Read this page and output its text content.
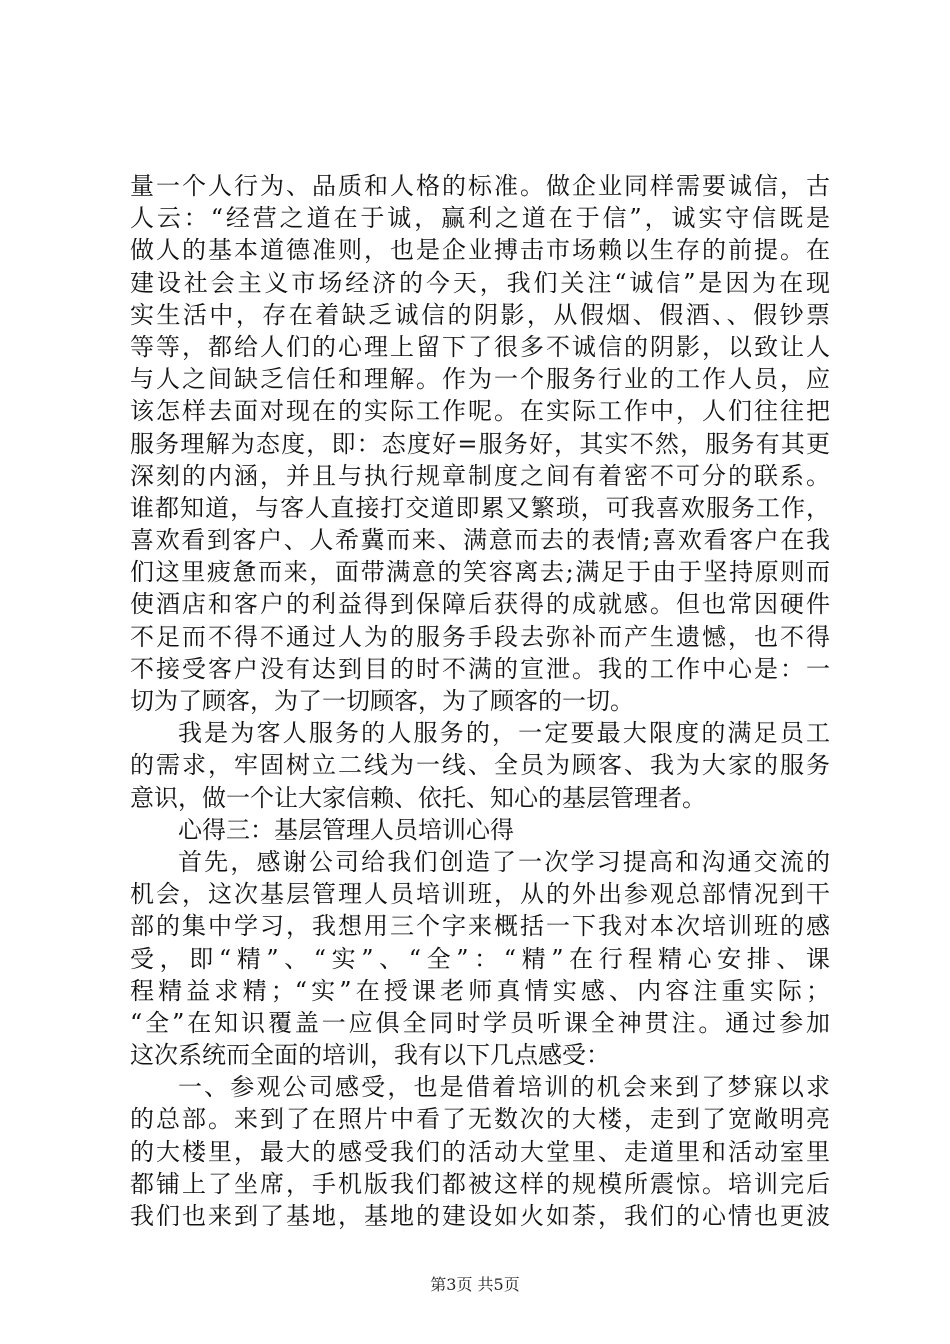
量一个人行为、品质和人格的标准。做企业同样需要诚信，古
人云：“经营之道在于诚，赢利之道在于信”，诚实守信既是
做人的基本道德准则，也是企业搏击市场赖以生存的前提。在
建设社会主义市场经济的今天，我们关注“诚信”是因为在现
实生活中，存在着缺乏诚信的阴影，从假烟、假酒、、假钞票
等等，都给人们的心理上留下了很多不诚信的阴影，以致让人
与人之间缺乏信任和理解。作为一个服务行业的工作人员，应
该怎样去面对现在的实际工作呢。在实际工作中，人们往往把
服务理解为态度，即：态度好=服务好，其实不然，服务有其更
深刻的内涵，并且与执行规章制度之间有着密不可分的联系。
谁都知道，与客人直接打交道即累又繁琐，可我喜欢服务工作，
喜欢看到客户、人希冀而来、满意而去的表情;喜欢看客户在我
们这里疲惫而来，面带满意的笑容离去;满足于由于坚持原则而
使酒店和客户的利益得到保障后获得的成就感。但也常因硬件
不足而不得不通过人为的服务手段去弥补而产生遗憾，也不得
不接受客户没有达到目的时不满的宣泄。我的工作中心是：一
切为了顾客，为了一切顾客，为了顾客的一切。
我是为客人服务的人服务的，一定要最大限度的满足员工
的需求，牢固树立二线为一线、全员为顾客、我为大家的服务
意识，做一个让大家信赖、依托、知心的基层管理者。
心得三：基层管理人员培训心得
首先，感谢公司给我们创造了一次学习提高和沟通交流的
机会，这次基层管理人员培训班，从的外出参观总部情况到干
部的集中学习，我想用三个字来概括一下我对本次培训班的感
受，即“精”、“实”、“全”：“精”在行程精心安排、课
程精益求精；“实”在授课老师真情实感、内容注重实际；
“全”在知识覆盖一应俱全同时学员听课全神贯注。通过参加
这次系统而全面的培训，我有以下几点感受：
一、参观公司感受，也是借着培训的机会来到了梦寐以求
的总部。来到了在照片中看了无数次的大楼，走到了宽敞明亮
的大楼里，最大的感受我们的活动大堂里、走道里和活动室里
都铺上了坐席，手机版我们都被这样的规模所震惊。培训完后
我们也来到了基地，基地的建设如火如荼，我们的心情也更波
第3页 共5页
